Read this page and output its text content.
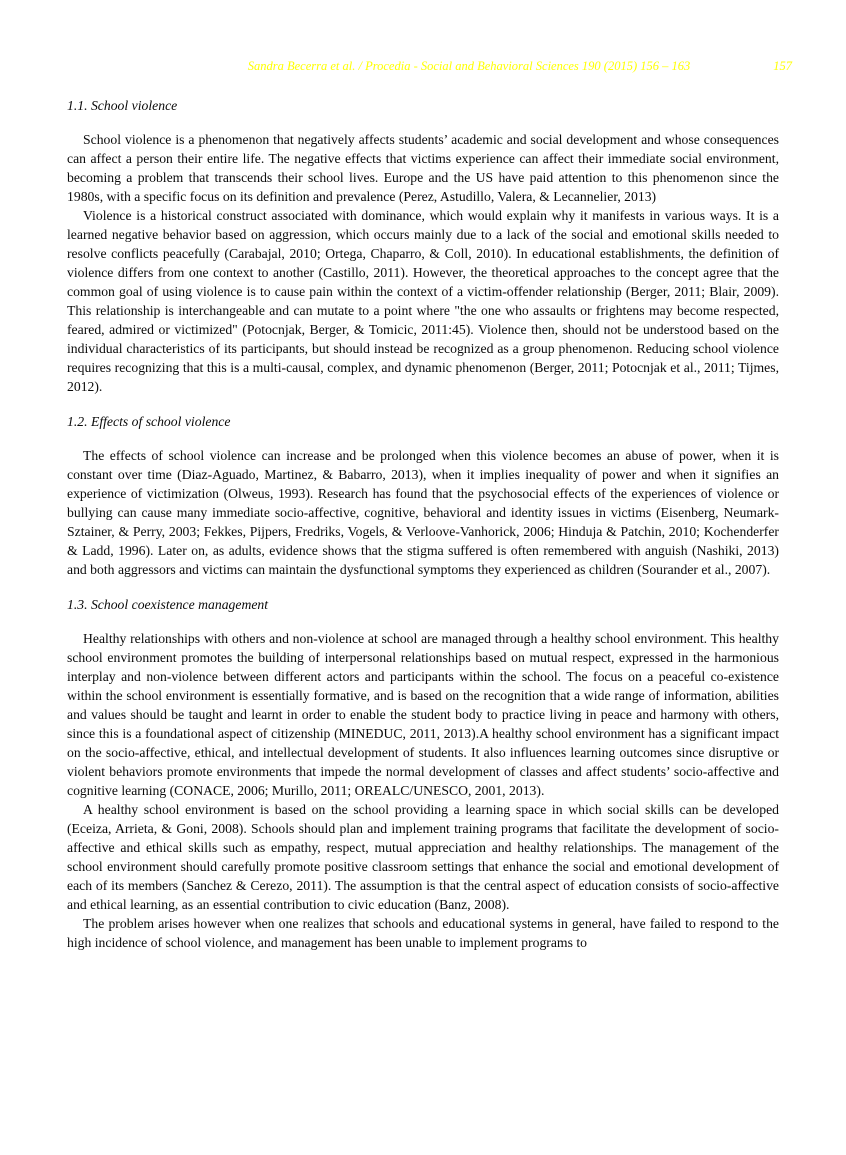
Sandra Becerra et al. / Procedia - Social and Behavioral Sciences 190 (2015) 156 – 163	157
1.1. School violence

School violence is a phenomenon that negatively affects students’ academic and social development and whose consequences can affect a person their entire life. The negative effects that victims experience can affect their immediate social environment, becoming a problem that transcends their school lives. Europe and the US have paid attention to this phenomenon since the 1980s, with a specific focus on its definition and prevalence (Perez, Astudillo, Valera, & Lecannelier, 2013)

Violence is a historical construct associated with dominance, which would explain why it manifests in various ways. It is a learned negative behavior based on aggression, which occurs mainly due to a lack of the social and emotional skills needed to resolve conflicts peacefully (Carabajal, 2010; Ortega, Chaparro, & Coll, 2010). In educational establishments, the definition of violence differs from one context to another (Castillo, 2011). However, the theoretical approaches to the concept agree that the common goal of using violence is to cause pain within the context of a victim-offender relationship (Berger, 2011; Blair, 2009). This relationship is interchangeable and can mutate to a point where "the one who assaults or frightens may become respected, feared, admired or victimized" (Potocnjak, Berger, & Tomicic, 2011:45). Violence then, should not be understood based on the individual characteristics of its participants, but should instead be recognized as a group phenomenon. Reducing school violence requires recognizing that this is a multi-causal, complex, and dynamic phenomenon (Berger, 2011; Potocnjak et al., 2011; Tijmes, 2012).

1.2. Effects of school violence

The effects of school violence can increase and be prolonged when this violence becomes an abuse of power, when it is constant over time (Diaz-Aguado, Martinez, & Babarro, 2013), when it implies inequality of power and when it signifies an experience of victimization (Olweus, 1993). Research has found that the psychosocial effects of the experiences of violence or bullying can cause many immediate socio-affective, cognitive, behavioral and identity issues in victims (Eisenberg, Neumark-Sztainer, & Perry, 2003; Fekkes, Pijpers, Fredriks, Vogels, & Verloove-Vanhorick, 2006; Hinduja & Patchin, 2010; Kochenderfer & Ladd, 1996). Later on, as adults, evidence shows that the stigma suffered is often remembered with anguish (Nashiki, 2013) and both aggressors and victims can maintain the dysfunctional symptoms they experienced as children (Sourander et al., 2007).

1.3. School coexistence management

Healthy relationships with others and non-violence at school are managed through a healthy school environment. This healthy school environment promotes the building of interpersonal relationships based on mutual respect, expressed in the harmonious interplay and non-violence between different actors and participants within the school. The focus on a peaceful co-existence within the school environment is essentially formative, and is based on the recognition that a wide range of information, abilities and values should be taught and learnt in order to enable the student body to practice living in peace and harmony with others, since this is a foundational aspect of citizenship (MINEDUC, 2011, 2013).A healthy school environment has a significant impact on the socio-affective, ethical, and intellectual development of students. It also influences learning outcomes since disruptive or violent behaviors promote environments that impede the normal development of classes and affect students’ socio-affective and cognitive learning (CONACE, 2006; Murillo, 2011; OREALC/UNESCO, 2001, 2013).

A healthy school environment is based on the school providing a learning space in which social skills can be developed (Eceiza, Arrieta, & Goni, 2008). Schools should plan and implement training programs that facilitate the development of socio-affective and ethical skills such as empathy, respect, mutual appreciation and healthy relationships. The management of the school environment should carefully promote positive classroom settings that enhance the social and emotional development of each of its members (Sanchez & Cerezo, 2011). The assumption is that the central aspect of education consists of socio-affective and ethical learning, as an essential contribution to civic education (Banz, 2008).

The problem arises however when one realizes that schools and educational systems in general, have failed to respond to the high incidence of school violence, and management has been unable to implement programs to
